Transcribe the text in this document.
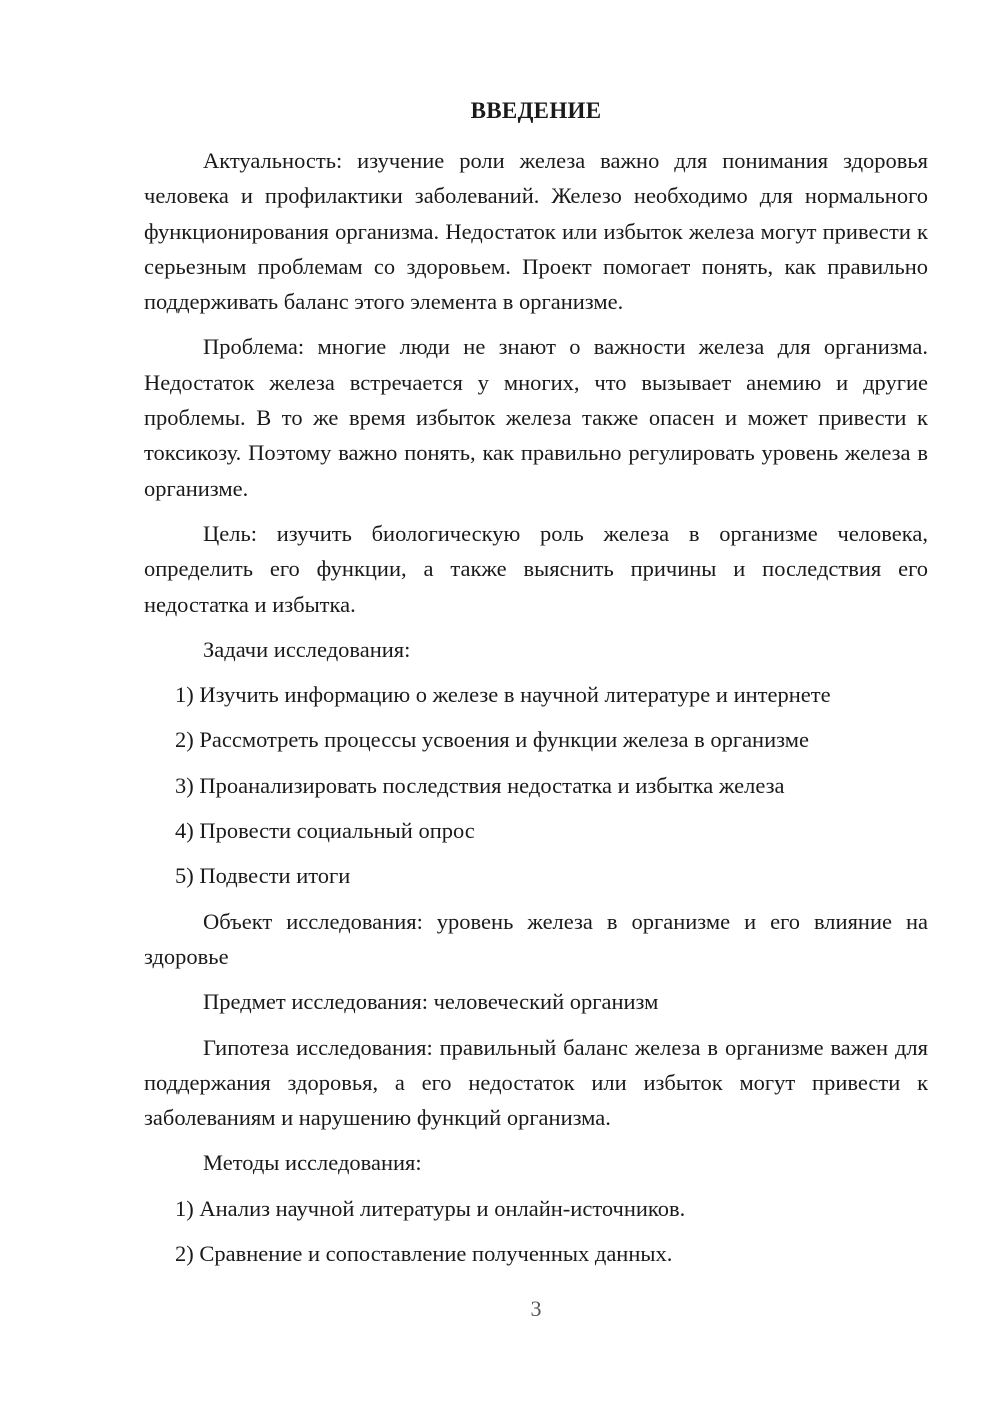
ВВЕДЕНИЕ

Актуальность: изучение роли железа важно для понимания здоровья человека и профилактики заболеваний. Железо необходимо для нормального функционирования организма. Недостаток или избыток железа могут привести к серьезным проблемам со здоровьем. Проект помогает понять, как правильно поддерживать баланс этого элемента в организме.

Проблема: многие люди не знают о важности железа для организма. Недостаток железа встречается у многих, что вызывает анемию и другие проблемы. В то же время избыток железа также опасен и может привести к токсикозу. Поэтому важно понять, как правильно регулировать уровень железа в организме.

Цель: изучить биологическую роль железа в организме человека, определить его функции, а также выяснить причины и последствия его недостатка и избытка.

Задачи исследования:

1) Изучить информацию о железе в научной литературе и интернете

2) Рассмотреть процессы усвоения и функции железа в организме

3) Проанализировать последствия недостатка и избытка железа

4) Провести социальный опрос

5) Подвести итоги

Объект исследования: уровень железа в организме и его влияние на здоровье

Предмет исследования: человеческий организм

Гипотеза исследования: правильный баланс железа в организме важен для поддержания здоровья, а его недостаток или избыток могут привести к заболеваниям и нарушению функций организма.

Методы исследования:

1) Анализ научной литературы и онлайн-источников.

2) Сравнение и сопоставление полученных данных.

3
